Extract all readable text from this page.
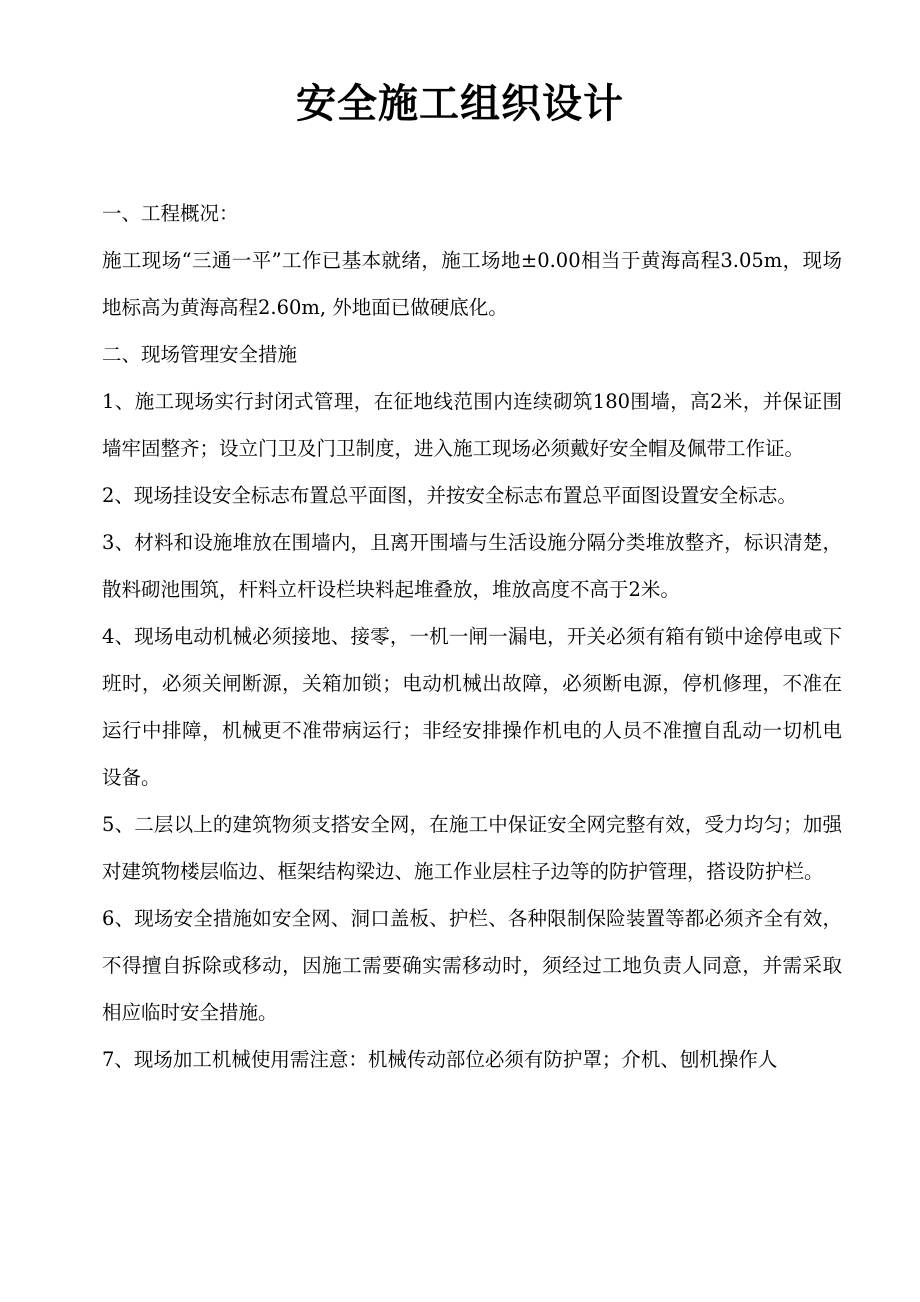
安全施工组织设计

一、工程概况：

施工现场“三通一平”工作已基本就绪，施工场地±0.00相当于黄海高程3.05m，现场地标高为黄海高程2.60m, 外地面已做硬底化。

二、现场管理安全措施

1、施工现场实行封闭式管理，在征地线范围内连续砌筑180围墙，高2米，并保证围墙牢固整齐；设立门卫及门卫制度，进入施工现场必须戴好安全帽及佩带工作证。

2、现场挂设安全标志布置总平面图，并按安全标志布置总平面图设置安全标志。

3、材料和设施堆放在围墙内，且离开围墙与生活设施分隔分类堆放整齐，标识清楚，散料砌池围筑，杆料立杆设栏块料起堆叠放，堆放高度不高于2米。

4、现场电动机械必须接地、接零，一机一闸一漏电，开关必须有箱有锁中途停电或下班时，必须关闸断源，关箱加锁；电动机械出故障，必须断电源，停机修理，不准在运行中排障，机械更不准带病运行；非经安排操作机电的人员不准擅自乱动一切机电设备。

5、二层以上的建筑物须支搭安全网，在施工中保证安全网完整有效，受力均匀；加强对建筑物楼层临边、框架结构梁边、施工作业层柱子边等的防护管理，搭设防护栏。

6、现场安全措施如安全网、洞口盖板、护栏、各种限制保险装置等都必须齐全有效，不得擅自拆除或移动，因施工需要确实需移动时，须经过工地负责人同意，并需采取相应临时安全措施。

7、现场加工机械使用需注意：机械传动部位必须有防护罩；介机、刨机操作人
